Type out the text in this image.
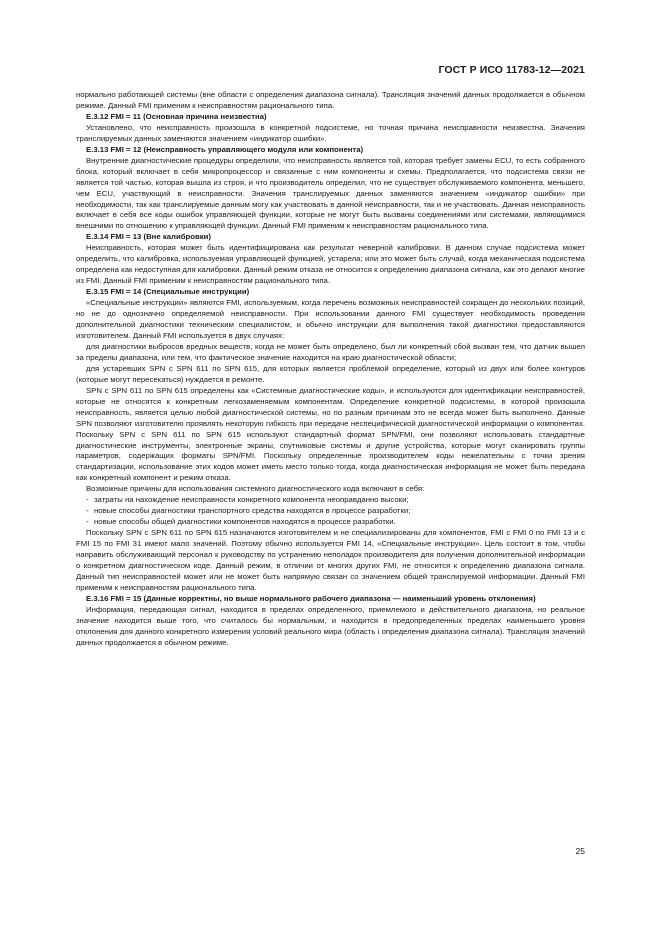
ГОСТ Р ИСО 11783-12—2021

нормально работающей системы (вне области с определения диапазона сигнала). Трансляция значений данных продолжается в обычном режиме. Данный FMI применим к неисправностям рационального типа.

E.3.12 FMI = 11 (Основная причина неизвестна)

Установлено, что неисправность произошла в конкретной подсистеме, но точная причина неисправности неизвестна. Значения транслируемых данных заменяются значением «индикатор ошибки».

E.3.13 FMI = 12 (Неисправность управляющего модуля или компонента)

Внутренние диагностические процедуры определили, что неисправность является той, которая требует замены ECU, то есть собранного блока, который включает в себя микропроцессор и связанные с ним компоненты и схемы. Предполагается, что подсистема связи не является той частью, которая вышла из строя, и что производитель определил, что не существует обслуживаемого компонента, меньшего, чем ECU, участвующий в неисправности. Значения транслируемых данных заменяются значением «индикатор ошибки» при необходимости, так как транслируемые данным могу как участвовать в данной неисправности, так и не участвовать. Данная неисправность включает в себя все коды ошибок управляющей функции, которые не могут быть вызваны соединениями или системами, являющимися внешними по отношению к управляющей функции. Данный FMI применим к неисправностям рационального типа.

E.3.14 FMI = 13 (Вне калибровки)

Неисправность, которая может быть идентифицирована как результат неверной калибровки. В данном случае подсистема может определить, что калибровка, используемая управляющей функцией, устарела; или это может быть случай, когда механическая подсистема определена как недоступная для калибровки. Данный режим отказа не относится к определению диапазона сигнала, как это делают многие из FMI. Данный FMI применим к неисправностям рационального типа.

E.3.15 FMI = 14 (Специальные инструкции)

«Специальные инструкции» являются FMI, используемым, когда перечень возможных неисправностей сокращен до нескольких позиций, но не до однозначно определяемой неисправности. При использовании данного FMI существует необходимость проведения дополнительной диагностики техническим специалистом, и обычно инструкции для выполнения такой диагностики предоставляются изготовителем. Данный FMI используется в двух случаях:

для диагностики выбросов вредных веществ, когда не может быть определено, был ли конкретный сбой вызван тем, что датчик вышел за пределы диапазона, или тем, что фактическое значение находится на краю диагностической области;

для устаревших SPN с SPN 611 по SPN 615, для которых является проблемой определение, который из двух или более контуров (которые могут пересекаться) нуждается в ремонте.

SPN с SPN 611 по SPN 615 определены как «Системные диагностические коды», и используются для идентификации неисправностей, которые не относятся к конкретным легкозаменяемым компонентам. Определение конкретной подсистемы, в которой произошла неисправность, является целью любой диагностической системы, но по разным причинам это не всегда может быть выполнено. Данные SPN позволяют изготовителю проявлять некоторую гибкость при передаче неспецифической диагностической информации о компонентах. Поскольку SPN с SPN 611 по SPN 615 используют стандартный формат SPN/FMI, они позволяют использовать стандартные диагностические инструменты, электронные экраны, спутниковые системы и другие устройства, которые могут сканировать группы параметров, содержащих форматы SPN/FMI. Поскольку определенные производителем коды нежелательны с точки зрения стандартизации, использование этих кодов может иметь место только тогда, когда диагностическая информация не может быть передана как конкретный компонент и режим отказа.

Возможные причины для использования системного диагностического кода включают в себя:

- затраты на нахождение неисправности конкретного компонента неоправданно высоки;

- новые способы диагностики транспортного средства находятся в процессе разработки;

- новые способы общей диагностики компонентов находятся в процессе разработки.

Поскольку SPN с SPN 611 по SPN 615 назначаются изготовителем и не специализированы для компонентов, FMI с FMI 0 по FMI 13 и с FMI 15 по FMI 31 имеют мало значений. Поэтому обычно используется FMI 14, «Специальные инструкции». Цель состоит в том, чтобы направить обслуживающий персонал к руководству по устранению неполадок производителя для получения дополнительной информации о конкретном диагностическом коде. Данный режим, в отличии от многих других FMI, не относится к определению диапазона сигнала. Данный тип неисправностей может или не может быть напрямую связан со значением общей транслируемой информации. Данный FMI применим к неисправностям рационального типа.

E.3.16 FMI = 15 (Данные корректны, но выше нормального рабочего диапазона — наименьший уровень отклонения)

Информация, передающая сигнал, находится в пределах определенного, приемлемого и действительного диапазона, но реальное значение находится выше того, что считалось бы нормальным, и находится в предопределенных пределах наименьшего уровня отклонения для данного конкретного измерения условий реального мира (область i определения диапазона сигнала). Трансляция значений данных продолжается в обычном режиме.

25
